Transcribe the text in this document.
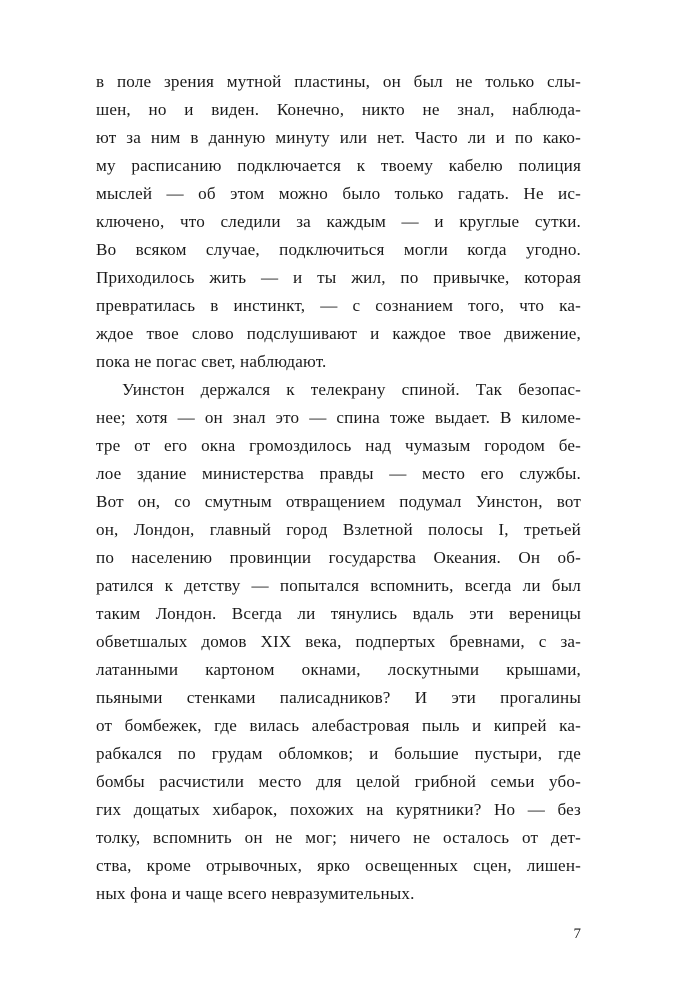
в поле зрения мутной пластины, он был не только слы-
шен, но и виден. Конечно, никто не знал, наблюда-
ют за ним в данную минуту или нет. Часто ли и по како-
му расписанию подключается к твоему кабелю полиция
мыслей — об этом можно было только гадать. Не ис-
ключено, что следили за каждым — и круглые сутки.
Во всяком случае, подключиться могли когда угодно.
Приходилось жить — и ты жил, по привычке, которая
превратилась в инстинкт, — с сознанием того, что ка-
ждое твое слово подслушивают и каждое твое движение,
пока не погас свет, наблюдают.
Уинстон держался к телекрану спиной. Так безопас-
нее; хотя — он знал это — спина тоже выдает. В киломе-
тре от его окна громоздилось над чумазым городом бе-
лое здание министерства правды — место его службы.
Вот он, со смутным отвращением подумал Уинстон, вот
он, Лондон, главный город Взлетной полосы I, третьей
по населению провинции государства Океания. Он об-
ратился к детству — попытался вспомнить, всегда ли был
таким Лондон. Всегда ли тянулись вдаль эти вереницы
обветшалых домов XIX века, подпертых бревнами, с за-
латанными картоном окнами, лоскутными крышами,
пьяными стенками палисадников? И эти прогалины
от бомбежек, где вилась алебастровая пыль и кипрей ка-
рабкался по грудам обломков; и большие пустыри, где
бомбы расчистили место для целой грибной семьи убо-
гих дощатых хибарок, похожих на курятники? Но — без
толку, вспомнить он не мог; ничего не осталось от дет-
ства, кроме отрывочных, ярко освещенных сцен, лишен-
ных фона и чаще всего невразумительных.
7
